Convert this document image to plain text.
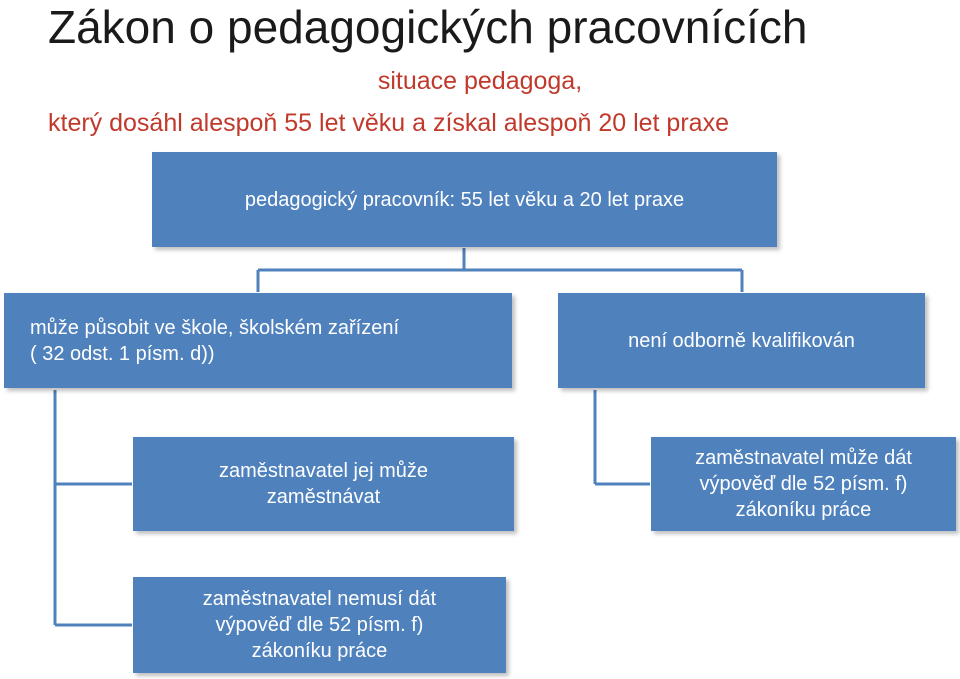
Zákon o pedagogických pracovnících
situace pedagoga,
který dosáhl alespoň 55 let věku a získal alespoň 20 let praxe
pedagogický pracovník: 55 let věku a 20 let praxe
může působit ve škole, školském zařízení
( 32 odst. 1 písm. d))
není odborně kvalifikován
zaměstnavatel jej může
zaměstnávat
zaměstnavatel může dát
výpověď dle 52 písm. f)
zákoníku práce
zaměstnavatel nemusí dát
výpověď dle 52 písm. f)
zákoníku práce
